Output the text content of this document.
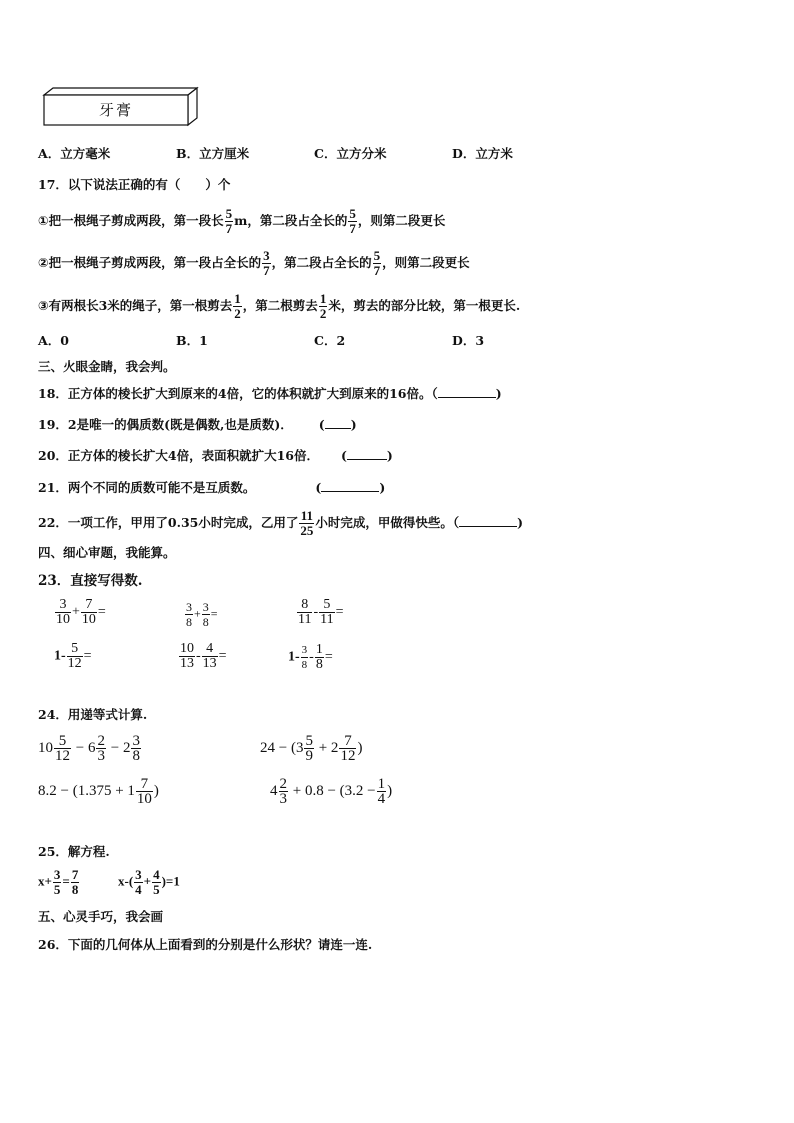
牙膏
A．立方毫米	B．立方厘米	C．立方分米	D．立方米
17．以下说法正确的有（　　）个
①把一根绳子剪成两段，第一段长 $\frac{5}{7}$ m，第二段占全长的 $\frac{5}{7}$ ，则第二段更长
②把一根绳子剪成两段，第一段占全长的 $\frac{3}{7}$ ，第二段占全长的 $\frac{5}{7}$ ，则第二段更长
③有两根长3米的绳子，第一根剪去 $\frac{1}{2}$ ，第二根剪去 $\frac{1}{2}$ 米，剪去的部分比较，第一根更长.
A．0	B．1	C．2	D．3
三、火眼金睛，我会判。
18．正方体的棱长扩大到原来的4倍，它的体积就扩大到原来的16倍。（	)
19．2是唯一的偶质数(既是偶数,也是质数)． ( )
20．正方体的棱长扩大4倍，表面积就扩大16倍． (	)
21．两个不同的质数可能不是互质数。	(	)
22．一项工作，甲用了0.35小时完成，乙用了 $\frac{11}{25}$ 小时完成，甲做得快些。（	)
四、细心审题，我能算。
23．直接写得数.
$\frac{3}{10} + \frac{7}{10}$ =	$\frac{3}{8} + \frac{3}{8}$ =	$\frac{8}{11} - \frac{5}{11}$ =
$1- \frac{5}{12}$ =	$\frac{10}{13} - \frac{4}{13}$ =	$1- \frac{3}{8} - \frac{1}{8}$ =
24．用递等式计算.
$10 \frac{5}{12} - 6 \frac{2}{3} - 2 \frac{3}{8}$	$24 - (3 \frac{5}{9} + 2 \frac{7}{12}$ )
$8.2 - (1.375 + 1 \frac{7}{10}$ )	$4 \frac{2}{3} + 0.8 - (3.2 - \frac{1}{4}$ )
25．解方程.
$x+ \frac{3}{5} = \frac{7}{8}$	$x-( \frac{3}{4} + \frac{4}{5} )=1$
五、心灵手巧，我会画
26．下面的几何体从上面看到的分别是什么形状？请连一连.
